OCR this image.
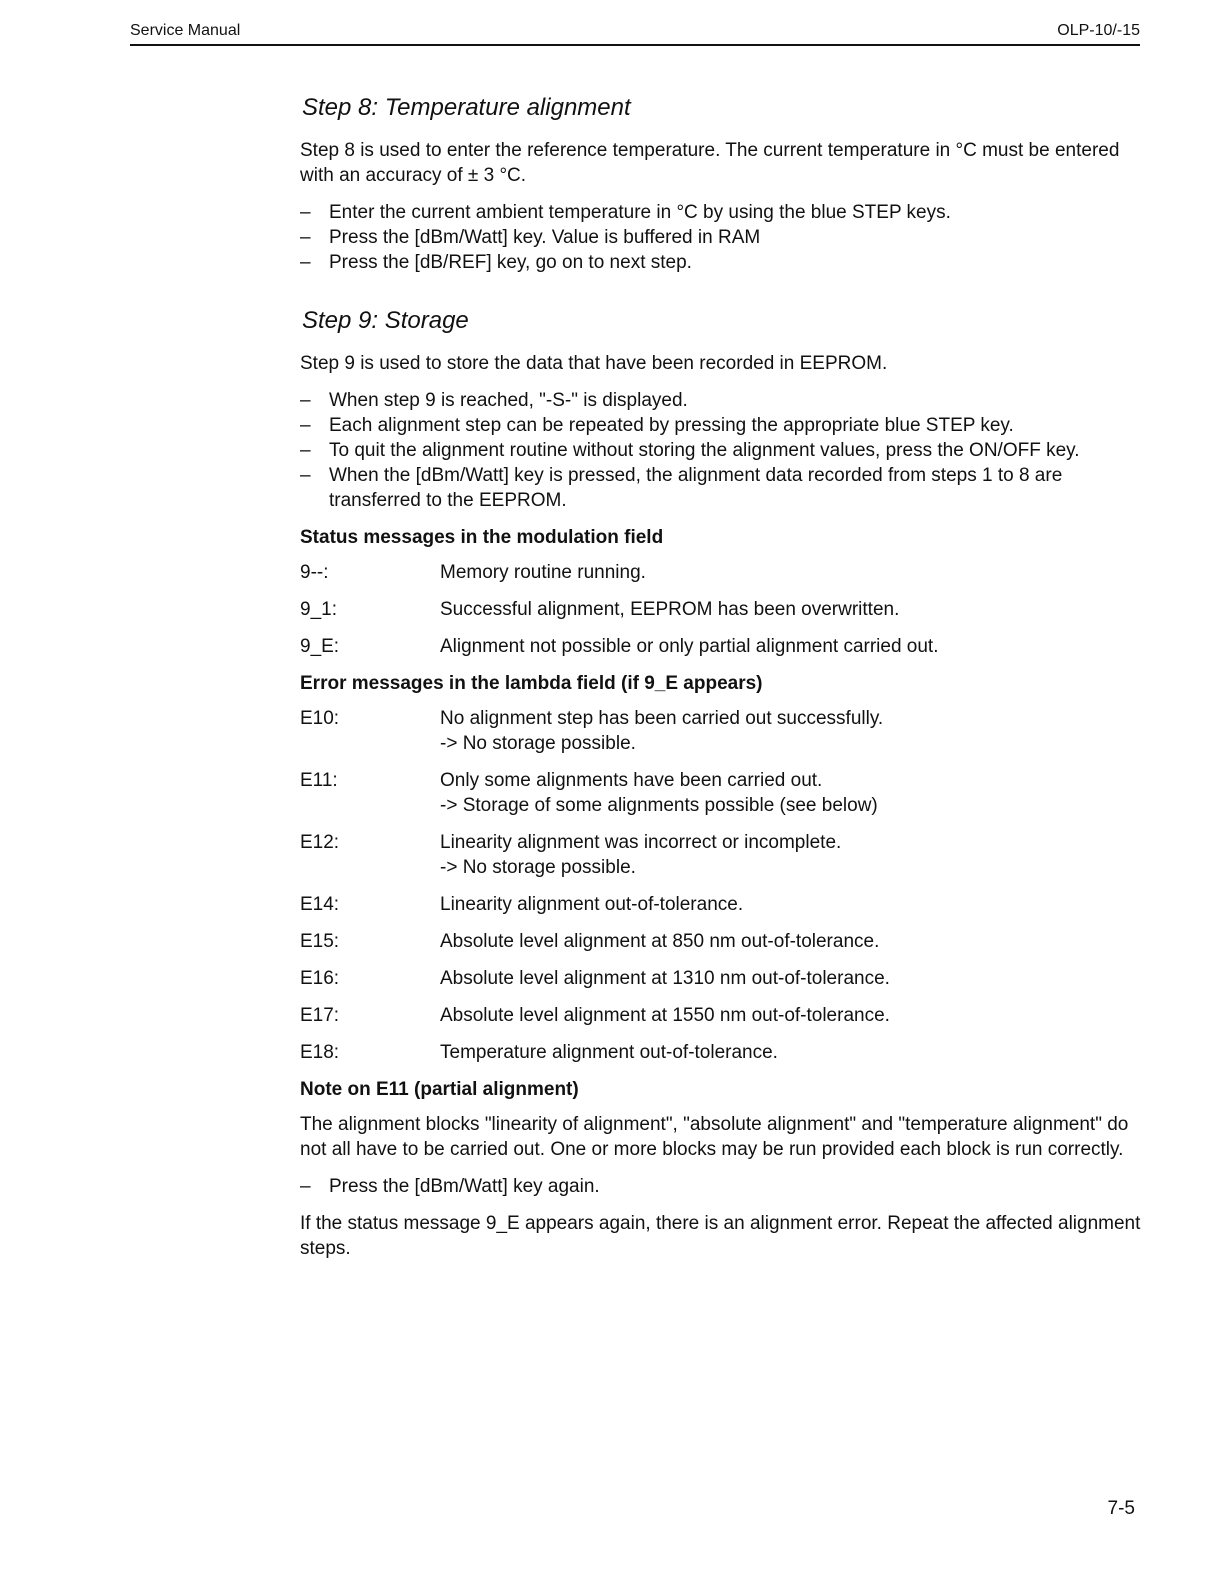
Service Manual	OLP-10/-15
Step 8: Temperature alignment

Step 8 is used to enter the reference temperature. The current temperature in °C must be entered with an accuracy of ± 3 °C.

– Enter the current ambient temperature in °C by using the blue STEP keys.
– Press the [dBm/Watt] key. Value is buffered in RAM
– Press the [dB/REF] key, go on to next step.
Step 9: Storage

Step 9 is used to store the data that have been recorded in EEPROM.

– When step 9 is reached, "-S-" is displayed.
– Each alignment step can be repeated by pressing the appropriate blue STEP key.
– To quit the alignment routine without storing the alignment values, press the ON/OFF key.
– When the [dBm/Watt] key is pressed, the alignment data recorded from steps 1 to 8 are transferred to the EEPROM.
Status messages in the modulation field
9--:	Memory routine running.
9_1:	Successful alignment, EEPROM has been overwritten.
9_E:	Alignment not possible or only partial alignment carried out.
Error messages in the lambda field (if 9_E appears)
E10:	No alignment step has been carried out successfully.
-> No storage possible.
E11:	Only some alignments have been carried out.
-> Storage of some alignments possible (see below)
E12:	Linearity alignment was incorrect or incomplete.
-> No storage possible.
E14:	Linearity alignment out-of-tolerance.
E15:	Absolute level alignment at 850 nm out-of-tolerance.
E16:	Absolute level alignment at 1310 nm out-of-tolerance.
E17:	Absolute level alignment at 1550 nm out-of-tolerance.
E18:	Temperature alignment out-of-tolerance.
Note on E11 (partial alignment)

The alignment blocks "linearity of alignment", "absolute alignment" and "temperature alignment" do not all have to be carried out. One or more blocks may be run provided each block is run correctly.

– Press the [dBm/Watt] key again.

If the status message 9_E appears again, there is an alignment error. Repeat the affected alignment steps.

7-5
